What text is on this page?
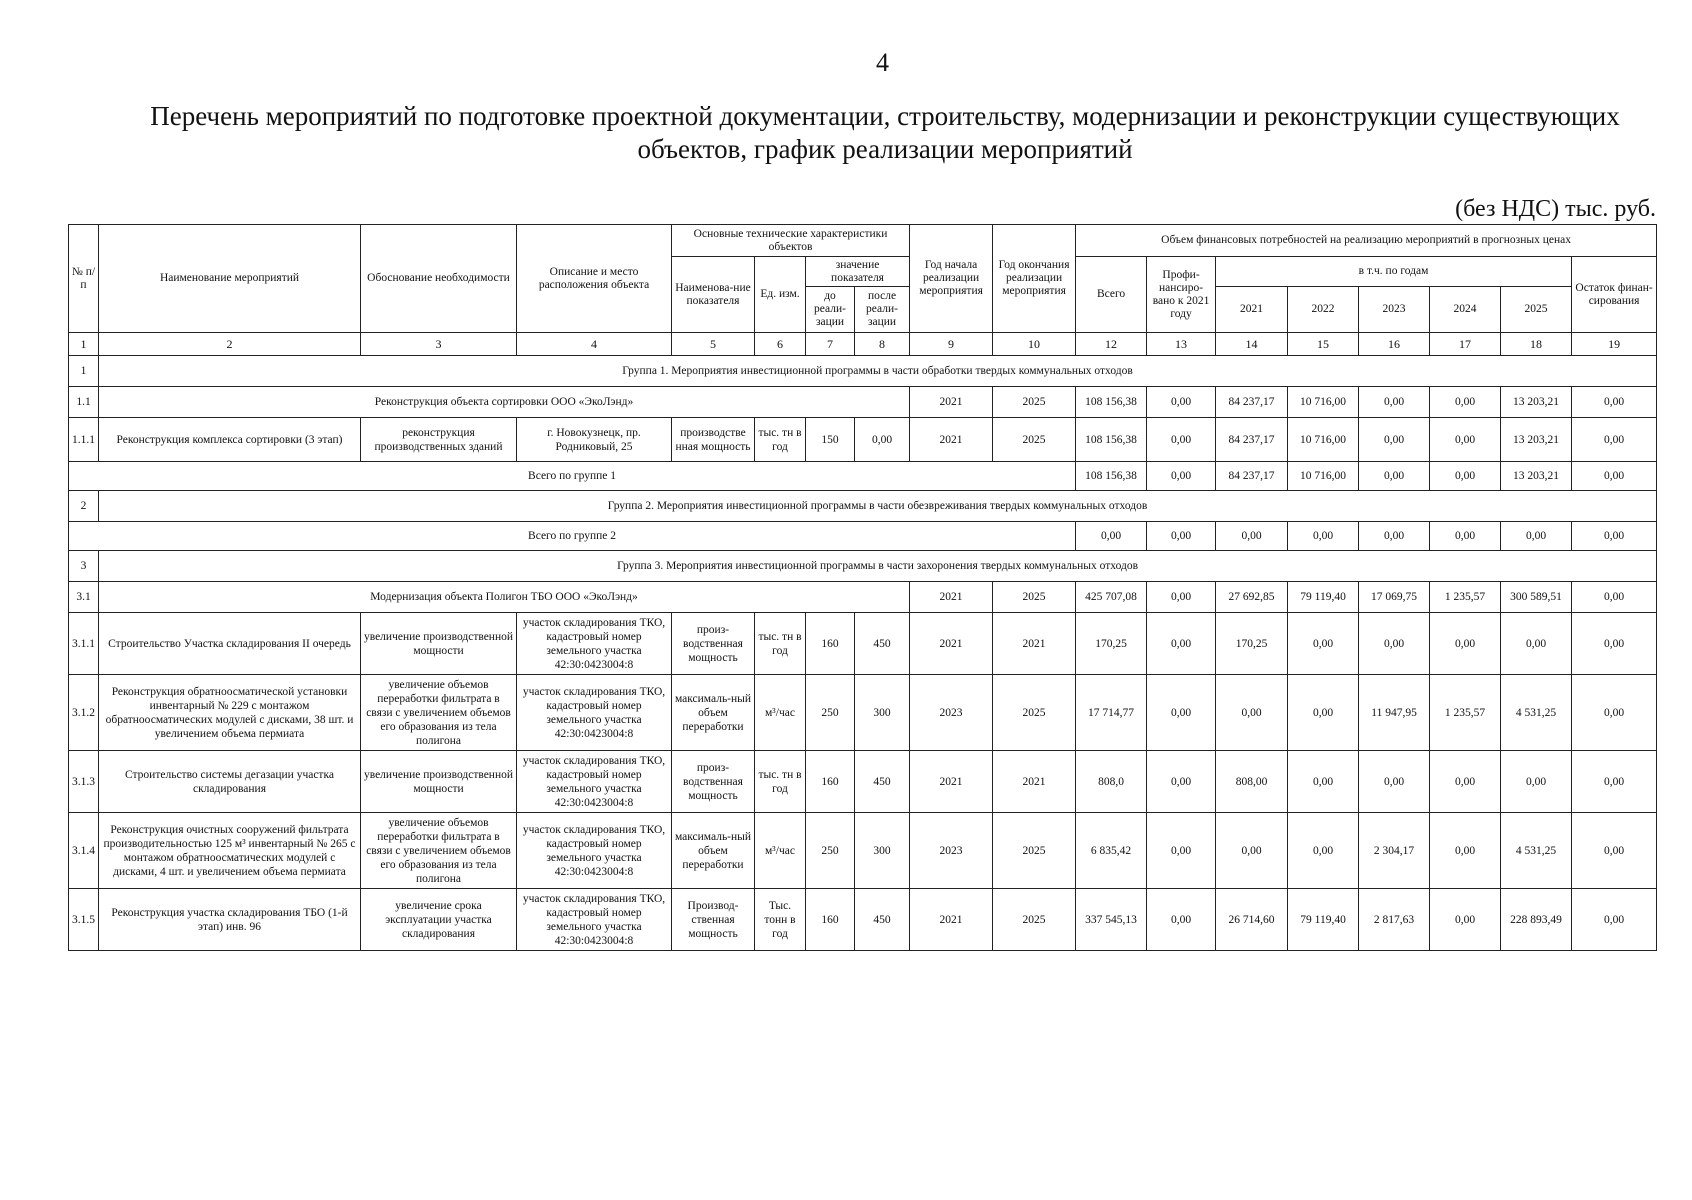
4
Перечень мероприятий по подготовке проектной документации, строительству, модернизации и реконструкции существующих
объектов, график реализации мероприятий
(без НДС) тыс. руб.
№ п/п	Наименование мероприятий	Обоснование необходимости	Описание и место расположения объекта	Основные технические характеристики объектов				Год начала реализации мероприятия	Год окончания реализации мероприятия	Объем финансовых потребностей на реализацию мероприятий в прогнозных ценах							
				Наименова-ние показателя	Ед. изм.	значение показателя				Всего	Профи-нансиро-вано к 2021 году	в т.ч. по годам					Остаток финан-сирования
						до реали-зации	после реали-зации					2021	2022	2023	2024	2025	
1	2	3	4	5	6	7	8	9	10	12	13	14	15	16	17	18	19
1	Группа 1. Мероприятия инвестиционной программы в части обработки твердых коммунальных отходов																
1.1	Реконструкция объекта сортировки ООО «ЭкоЛэнд»							2021	2025	108 156,38	0,00	84 237,17	10 716,00	0,00	0,00	13 203,21	0,00
1.1.1	Реконструкция комплекса сортировки (3 этап)	реконструкция производственных зданий	г. Новокузнецк, пр. Родниковый, 25	производстве нная мощность	тыс. тн в год	150	0,00	2021	2025	108 156,38	0,00	84 237,17	10 716,00	0,00	0,00	13 203,21	0,00
Всего по группе 1										108 156,38	0,00	84 237,17	10 716,00	0,00	0,00	13 203,21	0,00
2	Группа 2. Мероприятия инвестиционной программы в части обезвреживания твердых коммунальных отходов																
Всего по группе 2										0,00	0,00	0,00	0,00	0,00	0,00	0,00	0,00
3	Группа 3. Мероприятия инвестиционной программы в части захоронения твердых коммунальных отходов																
3.1	Модернизация объекта Полигон ТБО ООО «ЭкоЛэнд»							2021	2025	425 707,08	0,00	27 692,85	79 119,40	17 069,75	1 235,57	300 589,51	0,00
3.1.1	Строительство Участка складирования II очередь	увеличение производственной мощности	участок складирования ТКО, кадастровый номер земельного участка 42:30:0423004:8	произ-водственная мощность	тыс. тн в год	160	450	2021	2021	170,25	0,00	170,25	0,00	0,00	0,00	0,00	0,00
3.1.2	Реконструкция обратноосматической установки инвентарный № 229 с монтажом обратноосматических модулей с дисками, 38 шт. и увеличением объема пермиата	увеличение объемов переработки фильтрата в связи с увеличением объемов его образования из тела полигона	участок складирования ТКО, кадастровый номер земельного участка 42:30:0423004:8	максималь-ный объем переработки	м³/час	250	300	2023	2025	17 714,77	0,00	0,00	0,00	11 947,95	1 235,57	4 531,25	0,00
3.1.3	Строительство системы дегазации участка складирования	увеличение производственной мощности	участок складирования ТКО, кадастровый номер земельного участка 42:30:0423004:8	произ-водственная мощность	тыс. тн в год	160	450	2021	2021	808,0	0,00	808,00	0,00	0,00	0,00	0,00	0,00
3.1.4	Реконструкция очистных сооружений фильтрата производительностью 125 м³ инвентарный № 265 с монтажом обратноосматических модулей с дисками, 4 шт. и увеличением объема пермиата	увеличение объемов переработки фильтрата в связи с увеличением объемов его образования из тела полигона	участок складирования ТКО, кадастровый номер земельного участка 42:30:0423004:8	максималь-ный объем переработки	м³/час	250	300	2023	2025	6 835,42	0,00	0,00	0,00	2 304,17	0,00	4 531,25	0,00
3.1.5	Реконструкция участка складирования ТБО (1-й этап) инв. 96	увеличение срока эксплуатации участка складирования	участок складирования ТКО, кадастровый номер земельного участка 42:30:0423004:8	Производ-ственная мощность	Тыс. тонн в год	160	450	2021	2025	337 545,13	0,00	26 714,60	79 119,40	2 817,63	0,00	228 893,49	0,00
